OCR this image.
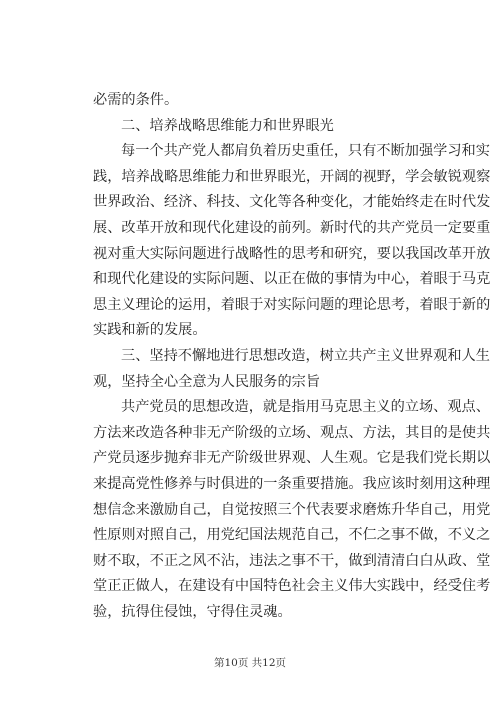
必需的条件。
二、培养战略思维能力和世界眼光
每一个共产党人都肩负着历史重任，只有不断加强学习和实
践，培养战略思维能力和世界眼光，开阔的视野，学会敏锐观察
世界政治、经济、科技、文化等各种变化，才能始终走在时代发
展、改革开放和现代化建设的前列。新时代的共产党员一定要重
视对重大实际问题进行战略性的思考和研究，要以我国改革开放
和现代化建设的实际问题、以正在做的事情为中心，着眼于马克
思主义理论的运用，着眼于对实际问题的理论思考，着眼于新的
实践和新的发展。
三、坚持不懈地进行思想改造，树立共产主义世界观和人生
观，坚持全心全意为人民服务的宗旨
共产党员的思想改造，就是指用马克思主义的立场、观点、
方法来改造各种非无产阶级的立场、观点、方法，其目的是使共
产党员逐步抛弃非无产阶级世界观、人生观。它是我们党长期以
来提高党性修养与时俱进的一条重要措施。我应该时刻用这种理
想信念来激励自己，自觉按照三个代表要求磨炼升华自己，用党
性原则对照自己，用党纪国法规范自己，不仁之事不做，不义之
财不取，不正之风不沾，违法之事不干，做到清清白白从政、堂
堂正正做人，在建设有中国特色社会主义伟大实践中，经受住考
验，抗得住侵蚀，守得住灵魂。
第10页 共12页
